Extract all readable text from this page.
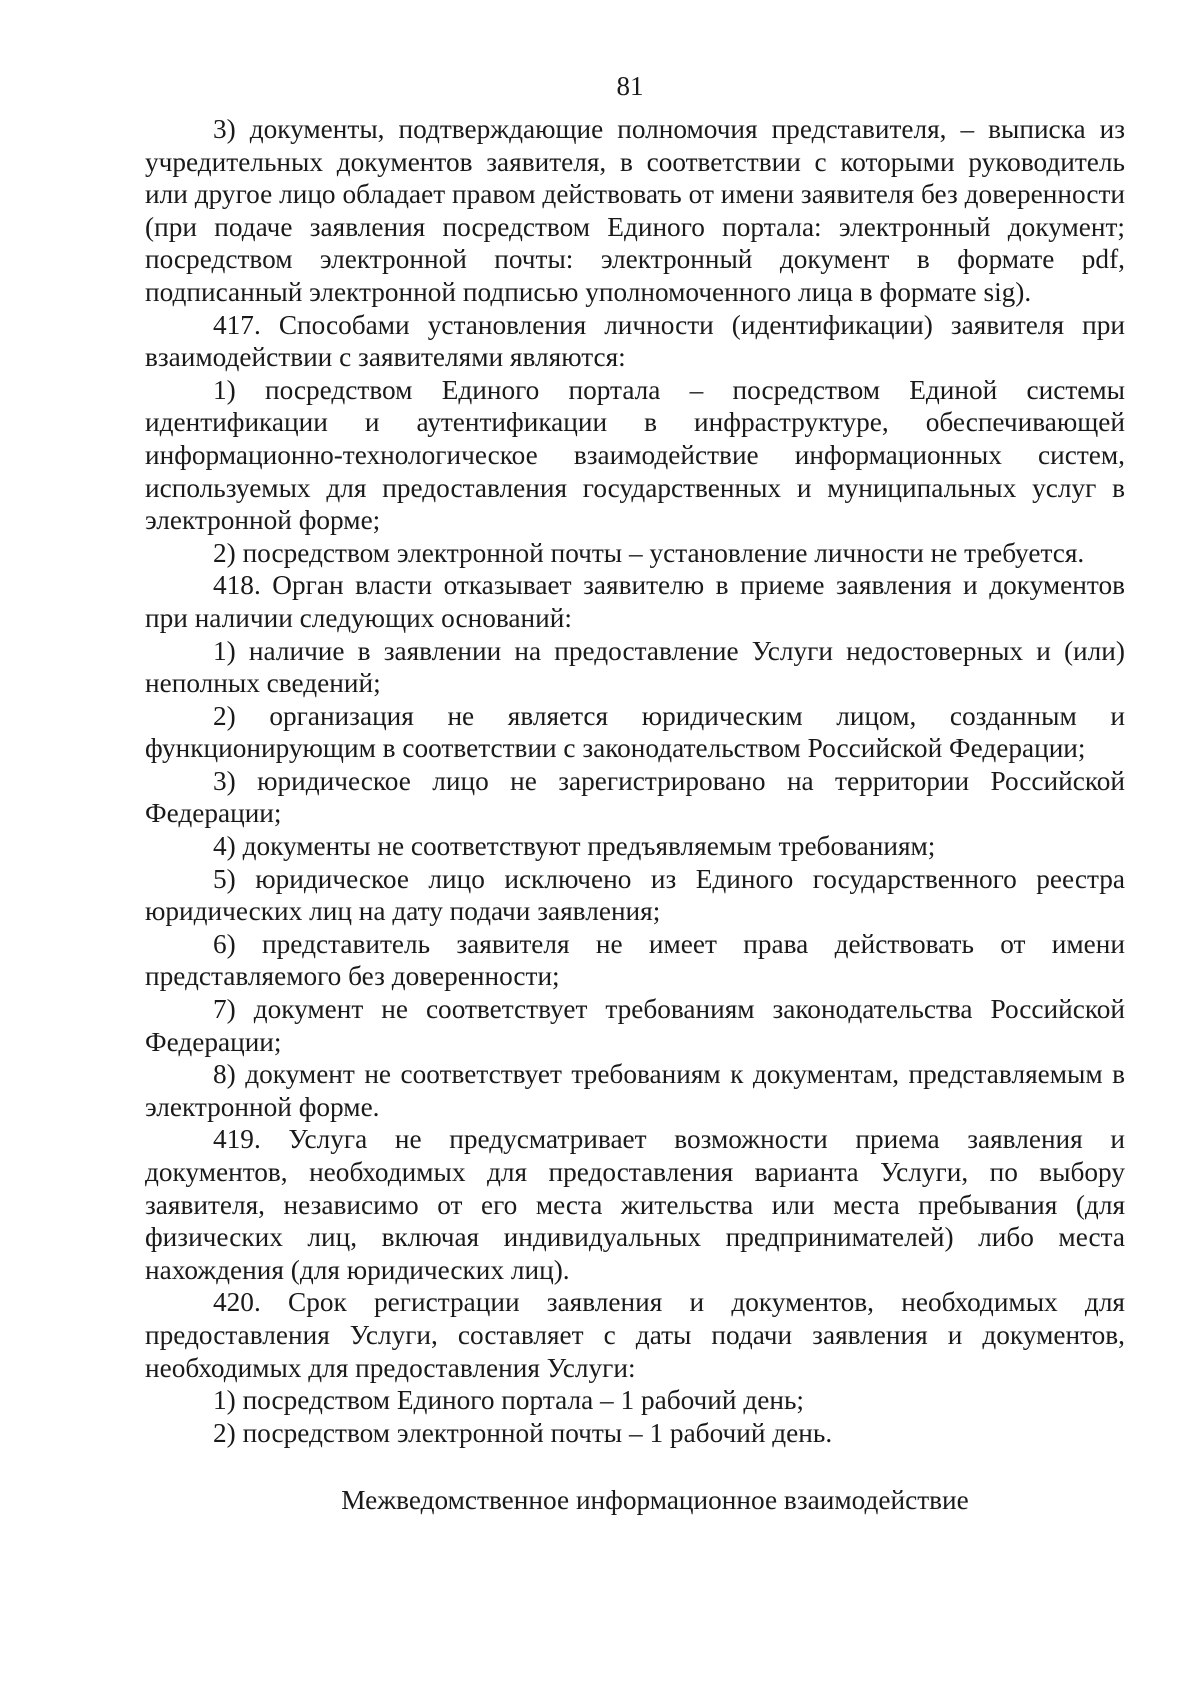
81

3) документы, подтверждающие полномочия представителя, – выписка из учредительных документов заявителя, в соответствии с которыми руководитель или другое лицо обладает правом действовать от имени заявителя без доверенности (при подаче заявления посредством Единого портала: электронный документ; посредством электронной почты: электронный документ в формате pdf, подписанный электронной подписью уполномоченного лица в формате sig).

417. Способами установления личности (идентификации) заявителя при взаимодействии с заявителями являются:

1) посредством Единого портала – посредством Единой системы идентификации и аутентификации в инфраструктуре, обеспечивающей информационно-технологическое взаимодействие информационных систем, используемых для предоставления государственных и муниципальных услуг в электронной форме;

2) посредством электронной почты – установление личности не требуется.

418. Орган власти отказывает заявителю в приеме заявления и документов при наличии следующих оснований:

1) наличие в заявлении на предоставление Услуги недостоверных и (или) неполных сведений;

2) организация не является юридическим лицом, созданным и функционирующим в соответствии с законодательством Российской Федерации;

3) юридическое лицо не зарегистрировано на территории Российской Федерации;

4) документы не соответствуют предъявляемым требованиям;

5) юридическое лицо исключено из Единого государственного реестра юридических лиц на дату подачи заявления;

6) представитель заявителя не имеет права действовать от имени представляемого без доверенности;

7) документ не соответствует требованиям законодательства Российской Федерации;

8) документ не соответствует требованиям к документам, представляемым в электронной форме.

419. Услуга не предусматривает возможности приема заявления и документов, необходимых для предоставления варианта Услуги, по выбору заявителя, независимо от его места жительства или места пребывания (для физических лиц, включая индивидуальных предпринимателей) либо места нахождения (для юридических лиц).

420. Срок регистрации заявления и документов, необходимых для предоставления Услуги, составляет с даты подачи заявления и документов, необходимых для предоставления Услуги:

1) посредством Единого портала – 1 рабочий день;

2) посредством электронной почты – 1 рабочий день.

Межведомственное информационное взаимодействие
